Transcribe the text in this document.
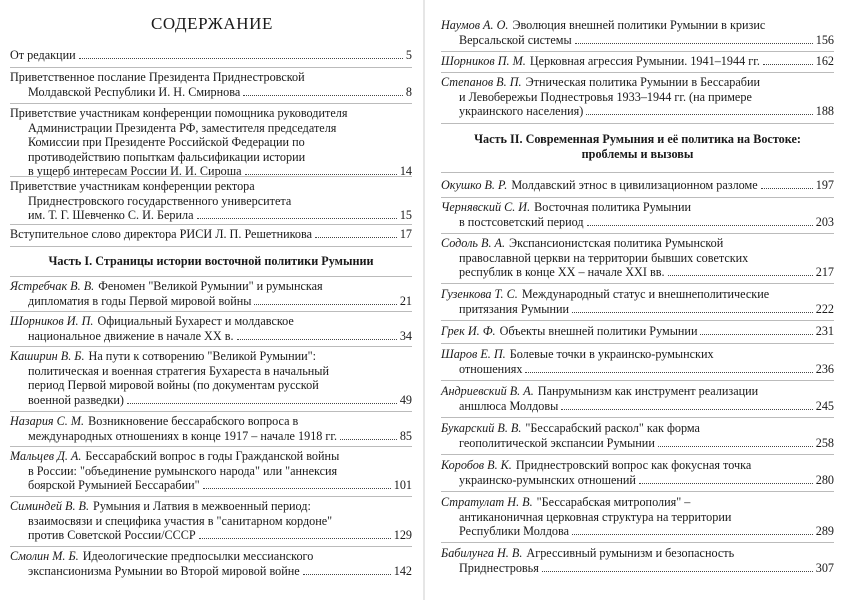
СОДЕРЖАНИЕ
От редакции	5
Приветственное послание Президента Приднестровской
Молдавской Республики И. Н. Смирнова	8
Приветствие участникам конференции помощника руководителя
Администрации Президента РФ, заместителя председателя
Комиссии при Президенте Российской Федерации по
противодействию попыткам фальсификации истории
в ущерб интересам России И. И. Сироша	14
Приветствие участникам конференции ректора
Приднестровского государственного университета
им. Т. Г. Шевченко С. И. Берила	15
Вступительное слово директора РИСИ Л. П. Решетникова	17
Часть I. Страницы истории восточной политики Румынии
Ястребчак В. В. Феномен "Великой Румынии" и румынская
дипломатия в годы Первой мировой войны	21
Шорников И. П. Официальный Бухарест и молдавское
национальное движение в начале XX в.	34
Каширин В. Б. На пути к сотворению "Великой Румынии":
политическая и военная стратегия Бухареста в начальный
период Первой мировой войны (по документам русской
военной разведки)	49
Назария С. М. Возникновение бессарабского вопроса в
международных отношениях в конце 1917 – начале 1918 гг.	85
Мальцев Д. А. Бессарабский вопрос в годы Гражданской войны
в России: "объединение румынского народа" или "аннексия
боярской Румынией Бессарабии"	101
Симиндей В. В. Румыния и Латвия в межвоенный период:
взаимосвязи и специфика участия в "санитарном кордоне"
против Советской России/СССР	129
Смолин М. Б. Идеологические предпосылки мессианского
экспансионизма Румынии во Второй мировой войне	142
Наумов А. О. Эволюция внешней политики Румынии в кризис
Версальской системы	156
Шорников П. М. Церковная агрессия Румынии. 1941–1944 гг.	162
Степанов В. П. Этническая политика Румынии в Бессарабии
и Левобережьи Поднестровья 1933–1944 гг. (на примере
украинского населения)	188
Часть II. Современная Румыния и её политика на Востоке:
проблемы и вызовы
Окушко В. Р. Молдавский этнос в цивилизационном разломе	197
Чернявский С. И. Восточная политика Румынии
в постсоветский период	203
Содоль В. А. Экспансионистская политика Румынской
православной церкви на территории бывших советских
республик в конце XX – начале XXI вв.	217
Гузенкова Т. С. Международный статус и внешнеполитические
притязания Румынии	222
Грек И. Ф. Объекты внешней политики Румынии	231
Шаров Е. П. Болевые точки в украинско-румынских
отношениях	236
Андриевский В. А. Панрумынизм как инструмент реализации
аншлюса Молдовы	245
Букарский В. В. "Бессарабский раскол" как форма
геополитической экспансии Румынии	258
Коробов В. К. Приднестровский вопрос как фокусная точка
украинско-румынских отношений	280
Стратулат Н. В. "Бессарабская митрополия" –
антиканоничная церковная структура на территории
Республики Молдова	289
Бабилунга Н. В. Агрессивный румынизм и безопасность
Приднестровья	307
